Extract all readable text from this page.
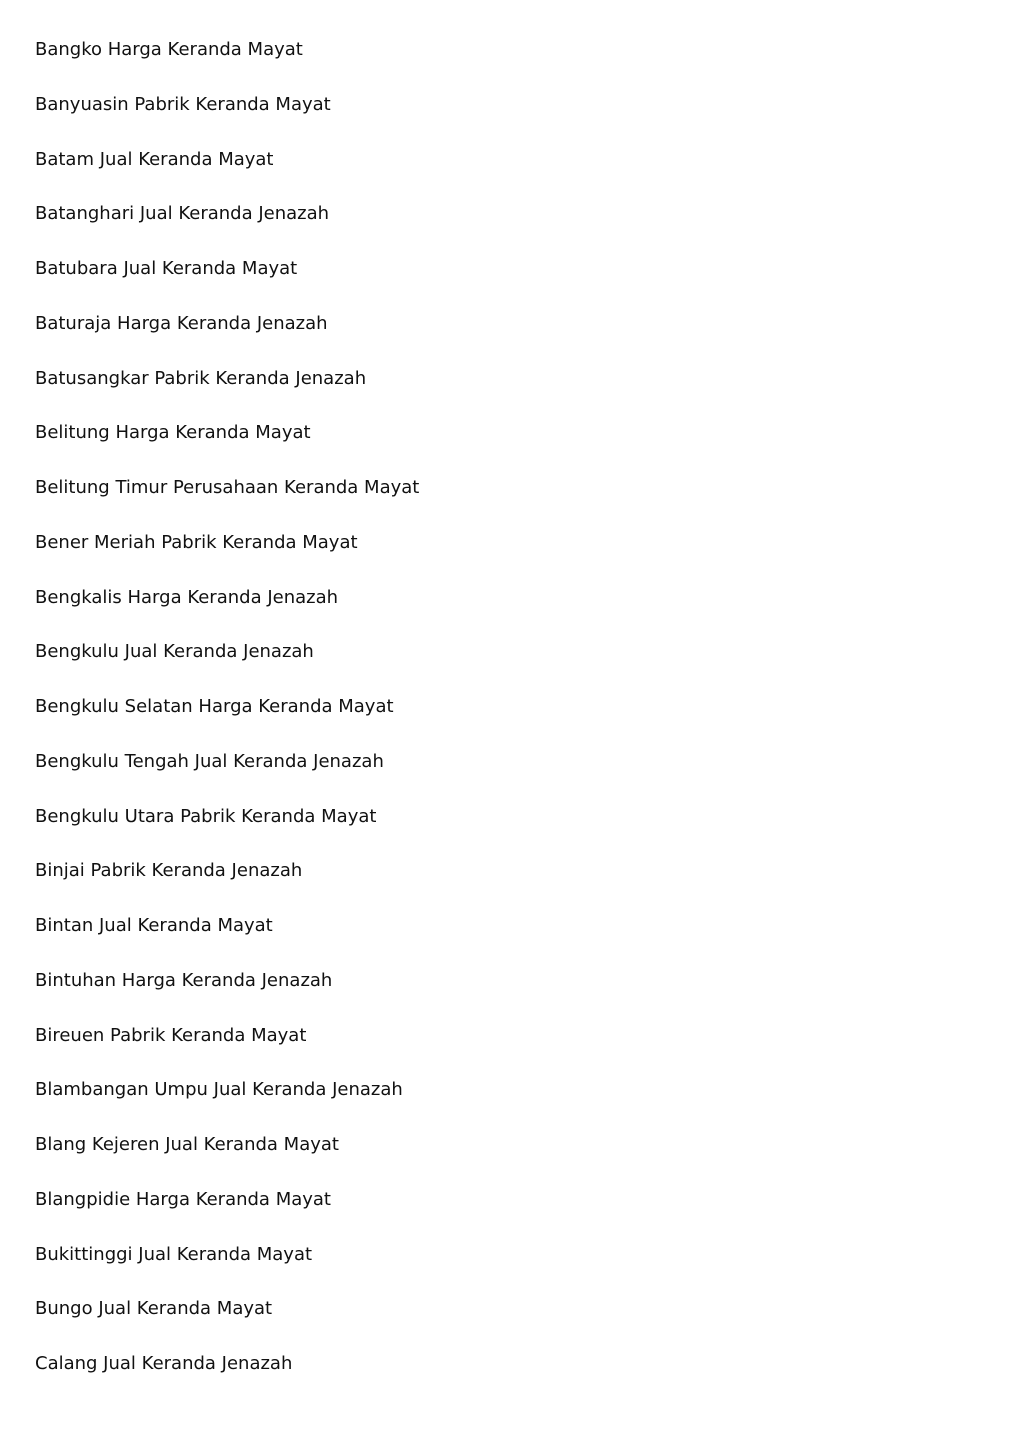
Bangko Harga Keranda Mayat
Banyuasin Pabrik Keranda Mayat
Batam Jual Keranda Mayat
Batanghari Jual Keranda Jenazah
Batubara Jual Keranda Mayat
Baturaja Harga Keranda Jenazah
Batusangkar Pabrik Keranda Jenazah
Belitung Harga Keranda Mayat
Belitung Timur Perusahaan Keranda Mayat
Bener Meriah Pabrik Keranda Mayat
Bengkalis Harga Keranda Jenazah
Bengkulu Jual Keranda Jenazah
Bengkulu Selatan Harga Keranda Mayat
Bengkulu Tengah Jual Keranda Jenazah
Bengkulu Utara Pabrik Keranda Mayat
Binjai Pabrik Keranda Jenazah
Bintan Jual Keranda Mayat
Bintuhan Harga Keranda Jenazah
Bireuen Pabrik Keranda Mayat
Blambangan Umpu Jual Keranda Jenazah
Blang Kejeren Jual Keranda Mayat
Blangpidie Harga Keranda Mayat
Bukittinggi Jual Keranda Mayat
Bungo Jual Keranda Mayat
Calang Jual Keranda Jenazah
